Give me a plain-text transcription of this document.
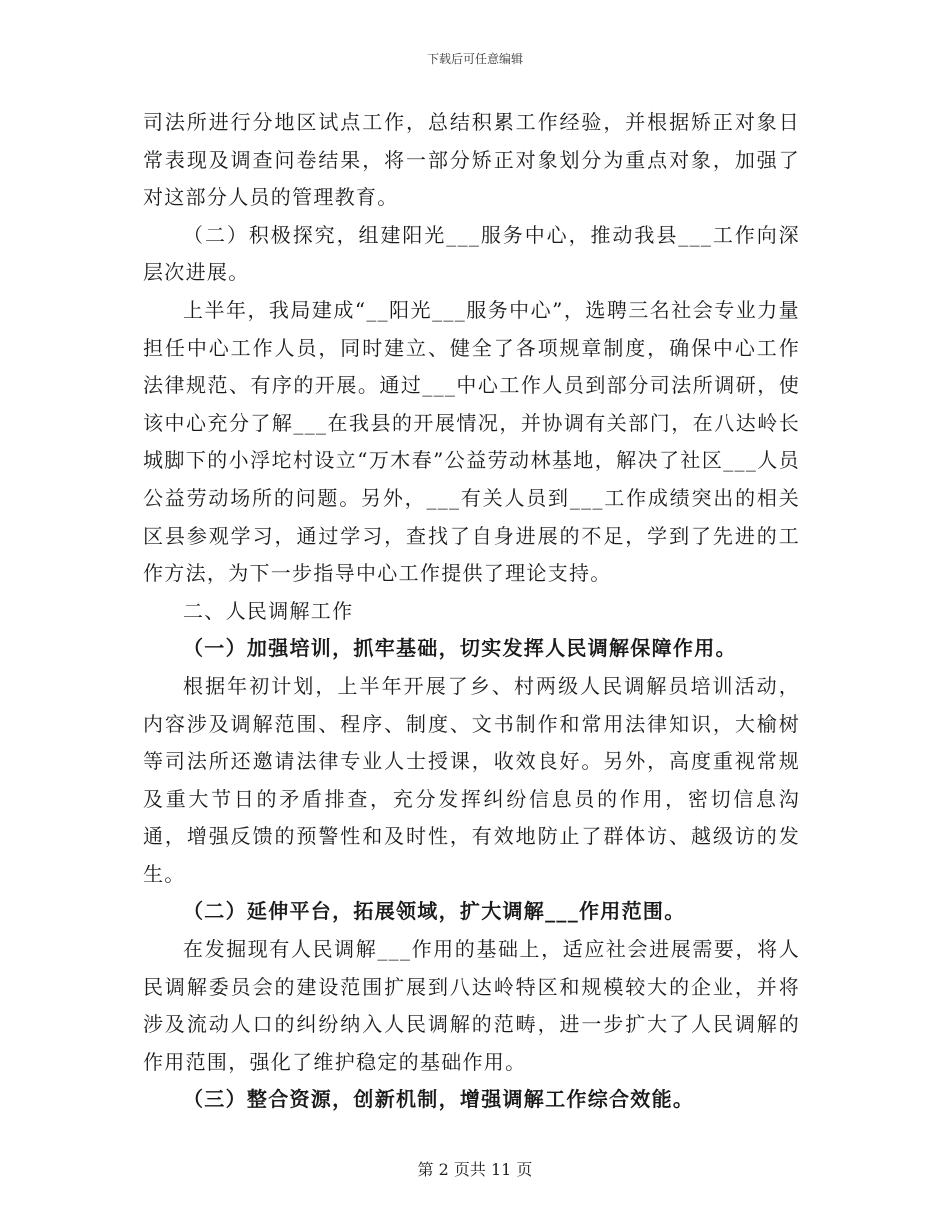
下载后可任意编辑

司法所进行分地区试点工作，总结积累工作经验，并根据矫正对象日常表现及调查问卷结果，将一部分矫正对象划分为重点对象，加强了对这部分人员的管理教育。

（二）积极探究，组建阳光___服务中心，推动我县___工作向深层次进展。

上半年，我局建成“__阳光___服务中心”，选聘三名社会专业力量担任中心工作人员，同时建立、健全了各项规章制度，确保中心工作法律规范、有序的开展。通过___中心工作人员到部分司法所调研，使该中心充分了解___在我县的开展情况，并协调有关部门，在八达岭长城脚下的小浮坨村设立“万木春”公益劳动林基地，解决了社区___人员公益劳动场所的问题。另外，___有关人员到___工作成绩突出的相关区县参观学习，通过学习，查找了自身进展的不足，学到了先进的工作方法，为下一步指导中心工作提供了理论支持。

二、人民调解工作

（一）加强培训，抓牢基础，切实发挥人民调解保障作用。

根据年初计划，上半年开展了乡、村两级人民调解员培训活动，内容涉及调解范围、程序、制度、文书制作和常用法律知识，大榆树等司法所还邀请法律专业人士授课，收效良好。另外，高度重视常规及重大节日的矛盾排查，充分发挥纠纷信息员的作用，密切信息沟通，增强反馈的预警性和及时性，有效地防止了群体访、越级访的发生。

（二）延伸平台，拓展领域，扩大调解___作用范围。

在发掘现有人民调解___作用的基础上，适应社会进展需要，将人民调解委员会的建设范围扩展到八达岭特区和规模较大的企业，并将涉及流动人口的纠纷纳入人民调解的范畴，进一步扩大了人民调解的作用范围，强化了维护稳定的基础作用。

（三）整合资源，创新机制，增强调解工作综合效能。

第 2 页共 11 页
